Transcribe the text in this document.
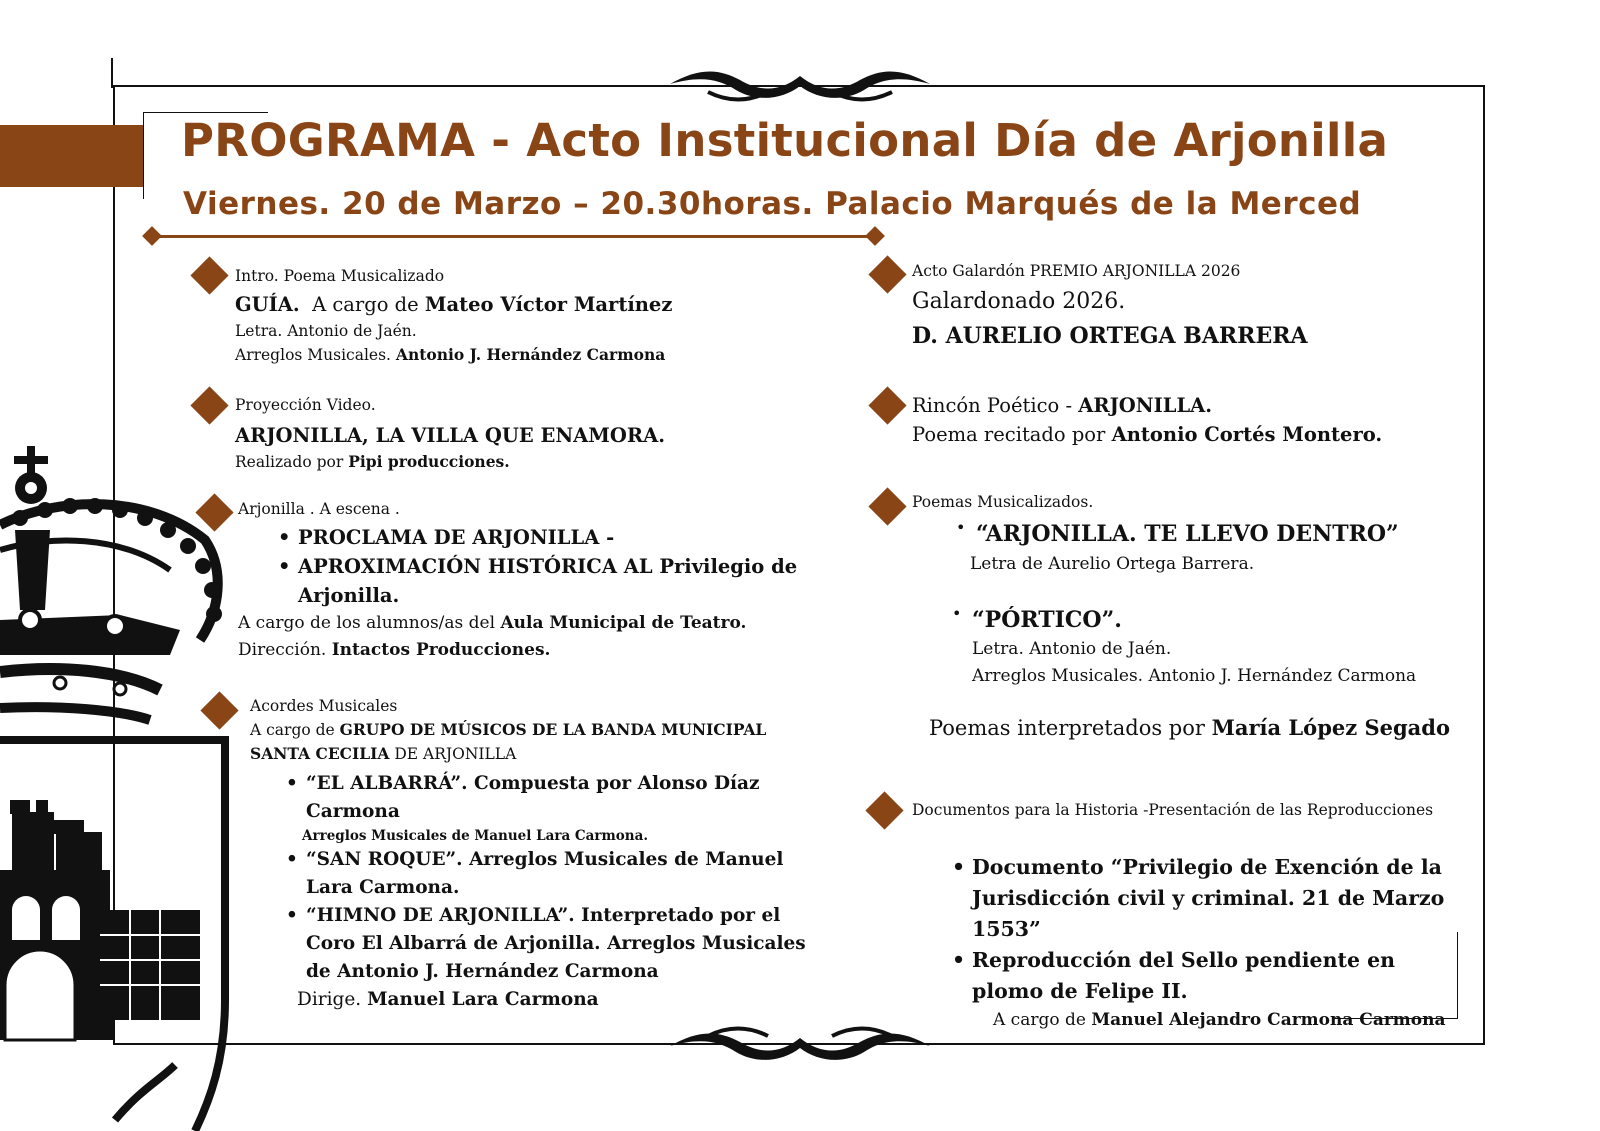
PROGRAMA - Acto Institucional Día de Arjonilla
Viernes. 20 de Marzo – 20.30horas. Palacio Marqués de la Merced
Intro. Poema Musicalizado
GUÍA. A cargo de Mateo Víctor Martínez
Letra. Antonio de Jaén.
Arreglos Musicales. Antonio J. Hernández Carmona
Proyección Video.
ARJONILLA, LA VILLA QUE ENAMORA.
Realizado por Pipi producciones.
Arjonilla . A escena .
• PROCLAMA DE ARJONILLA -
• APROXIMACIÓN HISTÓRICA AL Privilegio de Arjonilla.
A cargo de los alumnos/as del Aula Municipal de Teatro.
Dirección. Intactos Producciones.
Acordes Musicales
A cargo de GRUPO DE MÚSICOS DE LA BANDA MUNICIPAL SANTA CECILIA DE ARJONILLA
• “EL ALBARRÁ”. Compuesta por Alonso Díaz Carmona
Arreglos Musicales de Manuel Lara Carmona.
• “SAN ROQUE”. Arreglos Musicales de Manuel Lara Carmona.
• “HIMNO DE ARJONILLA”. Interpretado por el Coro El Albarrá de Arjonilla. Arreglos Musicales de Antonio J. Hernández Carmona
Dirige. Manuel Lara Carmona
Acto Galardón PREMIO ARJONILLA 2026
Galardonado 2026.
D. AURELIO ORTEGA BARRERA
Rincón Poético - ARJONILLA.
Poema recitado por Antonio Cortés Montero.
Poemas Musicalizados.
• “ARJONILLA. TE LLEVO DENTRO”
Letra de Aurelio Ortega Barrera.
• “PÓRTICO”.
Letra. Antonio de Jaén.
Arreglos Musicales. Antonio J. Hernández Carmona
Poemas interpretados por María López Segado
Documentos para la Historia -Presentación de las Reproducciones
• Documento “Privilegio de Exención de la Jurisdicción civil y criminal. 21 de Marzo 1553”
• Reproducción del Sello pendiente en plomo de Felipe II.
A cargo de Manuel Alejandro Carmona Carmona
